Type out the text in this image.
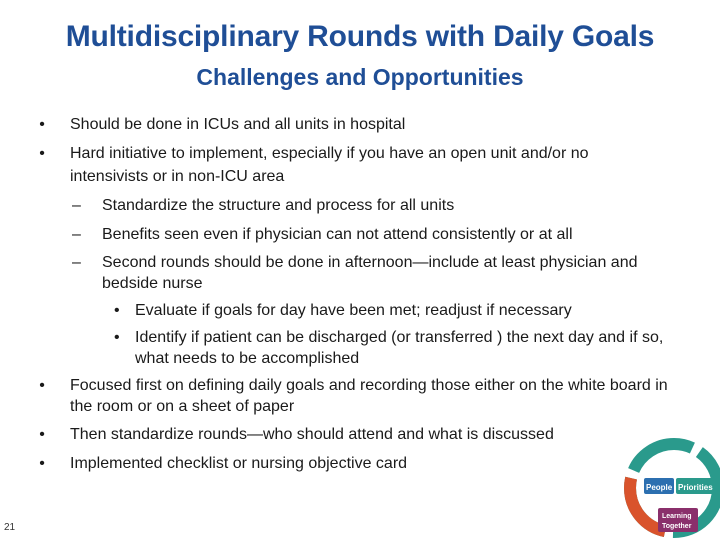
Multidisciplinary Rounds with Daily Goals
Challenges and Opportunities
•	Should be done in ICUs and all units in hospital
•	Hard initiative to implement, especially if you have an open unit and/or no intensivists or in non-ICU area
– Standardize the structure and process for all units
– Benefits seen even if physician can not attend consistently or at all
– Second rounds should be done in afternoon—include at least physician and bedside nurse
• Evaluate if goals for day have been met; readjust if necessary
• Identify if patient can be discharged (or transferred ) the next day and if so, what needs to be accomplished
•	Focused first on defining daily goals and recording those either on the white board in the room or on a sheet of paper
•	Then standardize rounds—who should attend and what is discussed
•	Implemented checklist or nursing objective card
21
People Priorities
Learning
Together
